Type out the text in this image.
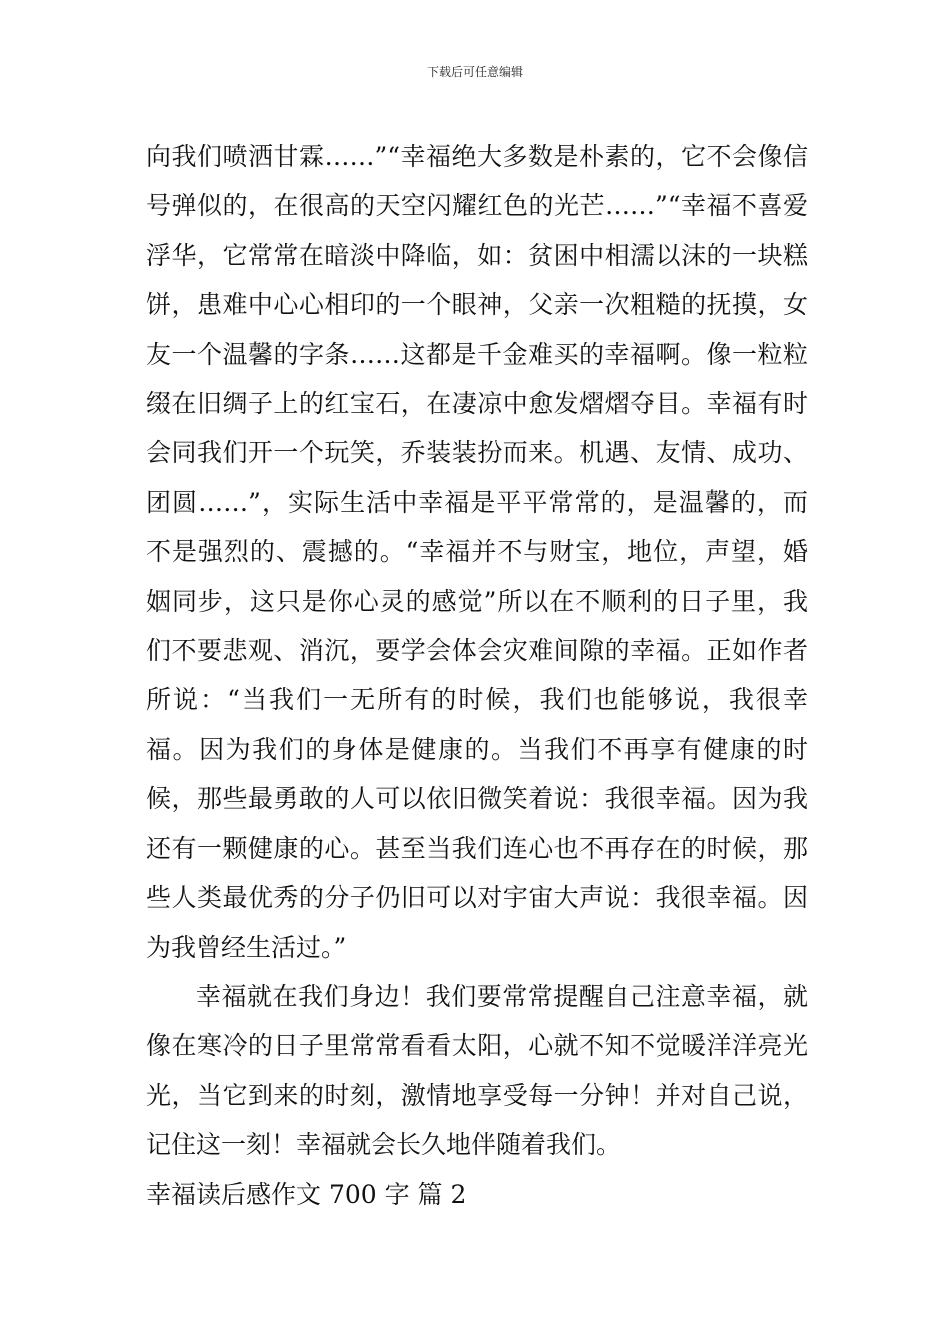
下载后可任意编辑

向我们喷洒甘霖……”“幸福绝大多数是朴素的，它不会像信号弹似的，在很高的天空闪耀红色的光芒……”“幸福不喜爱浮华，它常常在暗淡中降临，如：贫困中相濡以沫的一块糕饼，患难中心心相印的一个眼神，父亲一次粗糙的抚摸，女友一个温馨的字条……这都是千金难买的幸福啊。像一粒粒缀在旧绸子上的红宝石，在凄凉中愈发熠熠夺目。幸福有时会同我们开一个玩笑，乔装装扮而来。机遇、友情、成功、团圆……”，实际生活中幸福是平平常常的，是温馨的，而不是强烈的、震撼的。“幸福并不与财宝，地位，声望，婚姻同步，这只是你心灵的感觉”所以在不顺利的日子里，我们不要悲观、消沉，要学会体会灾难间隙的幸福。正如作者所说：“当我们一无所有的时候，我们也能够说，我很幸福。因为我们的身体是健康的。当我们不再享有健康的时候，那些最勇敢的人可以依旧微笑着说：我很幸福。因为我还有一颗健康的心。甚至当我们连心也不再存在的时候，那些人类最优秀的分子仍旧可以对宇宙大声说：我很幸福。因为我曾经生活过。”

幸福就在我们身边！我们要常常提醒自己注意幸福，就像在寒冷的日子里常常看看太阳，心就不知不觉暖洋洋亮光光，当它到来的时刻，激情地享受每一分钟！并对自己说，记住这一刻！幸福就会长久地伴随着我们。

幸福读后感作文 700 字 篇 2
